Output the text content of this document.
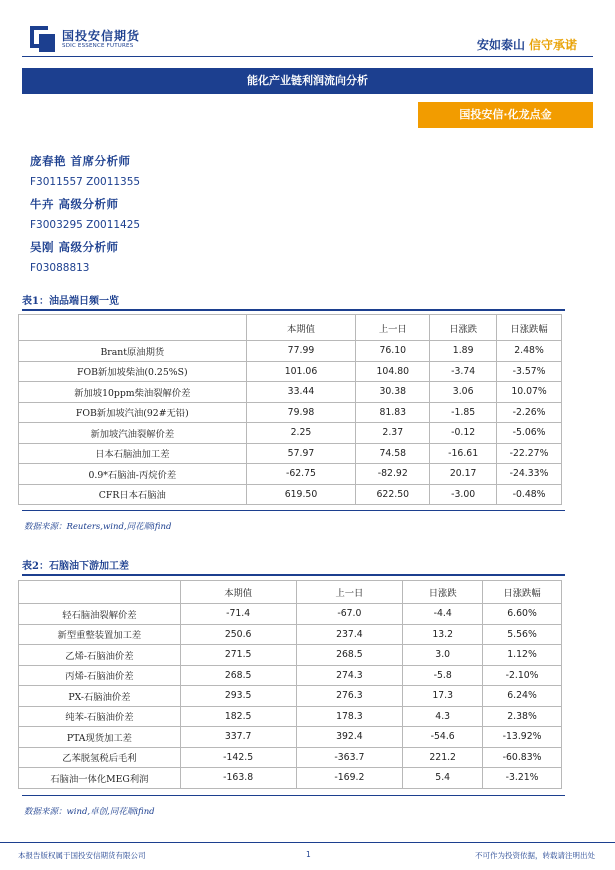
国投安信期货
SDIC ESSENCE FUTURES	安如泰山 信守承诺
能化产业链利润流向分析
国投安信·化龙点金
庞春艳 首席分析师
F3011557 Z0011355
牛卉 高级分析师
F3003295 Z0011425
吴刚 高级分析师
F03088813
表1：油品端日频一览
	本期值	上一日	日涨跌	日涨跌幅
Brant原油期货	77.99	76.10	1.89	2.48%
FOB新加坡柴油(0.25%S)	101.06	104.80	-3.74	-3.57%
新加坡10ppm柴油裂解价差	33.44	30.38	3.06	10.07%
FOB新加坡汽油(92#无铅)	79.98	81.83	-1.85	-2.26%
新加坡汽油裂解价差	2.25	2.37	-0.12	-5.06%
日本石脑油加工差	57.97	74.58	-16.61	-22.27%
0.9*石脑油-丙烷价差	-62.75	-82.92	20.17	-24.33%
CFR日本石脑油	619.50	622.50	-3.00	-0.48%
数据来源：Reuters,wind,同花顺ifind
表2：石脑油下游加工差
	本期值	上一日	日涨跌	日涨跌幅
轻石脑油裂解价差	-71.4	-67.0	-4.4	6.60%
新型重整装置加工差	250.6	237.4	13.2	5.56%
乙烯-石脑油价差	271.5	268.5	3.0	1.12%
丙烯-石脑油价差	268.5	274.3	-5.8	-2.10%
PX-石脑油价差	293.5	276.3	17.3	6.24%
纯苯-石脑油价差	182.5	178.3	4.3	2.38%
PTA现货加工差	337.7	392.4	-54.6	-13.92%
乙苯脱氢税后毛利	-142.5	-363.7	221.2	-60.83%
石脑油一体化MEG利润	-163.8	-169.2	5.4	-3.21%
数据来源：wind,卓创,同花顺ifind
本报告版权属于国投安信期货有限公司	1	不可作为投资依据，转载请注明出处
